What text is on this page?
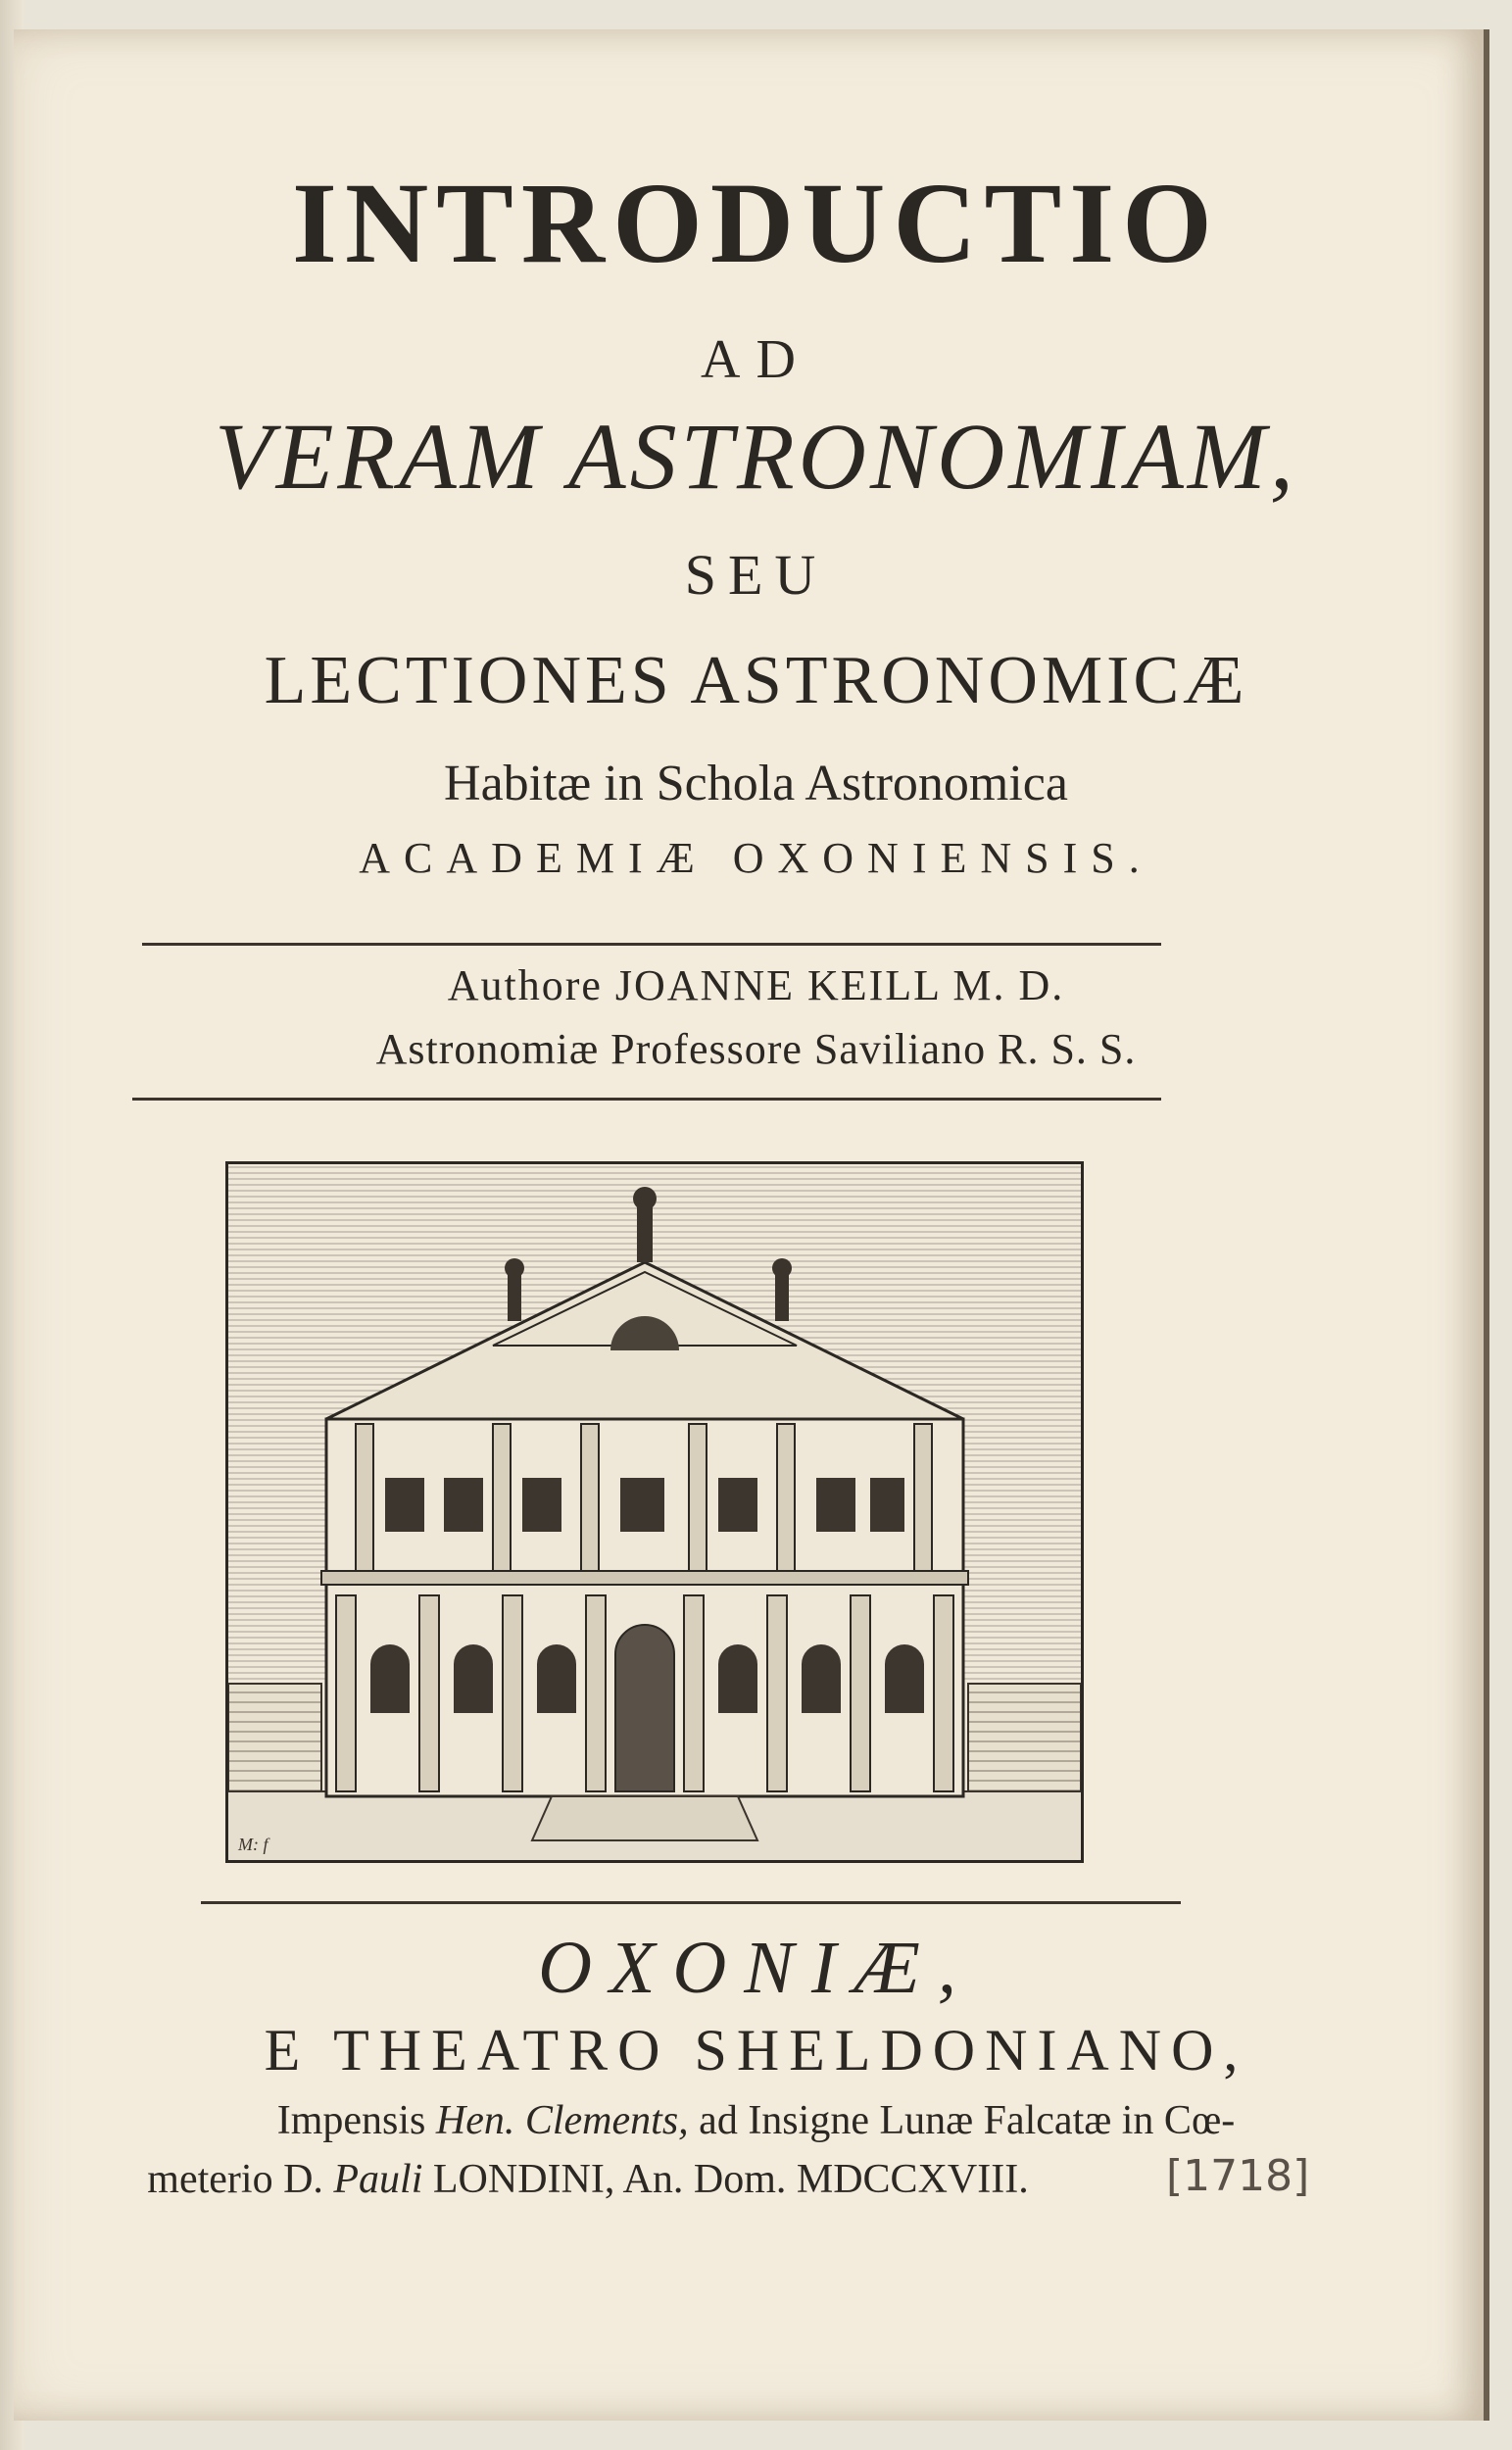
INTRODUCTIO
AD
VERAM ASTRONOMIAM,
SEU
LECTIONES ASTRONOMICÆ
Habitæ in Schola Astronomica
ACADEMIÆ OXONIENSIS.
Authore JOANNE KEILL M. D.
Astronomiæ Professore Saviliano R. S. S.
M: f
OXONIÆ,
E THEATRO SHELDONIANO,
Impensis Hen. Clements, ad Insigne Lunæ Falcatæ in Cœ-
meterio D. Pauli LONDINI, An. Dom. MDCCXVIII.	[1718]
